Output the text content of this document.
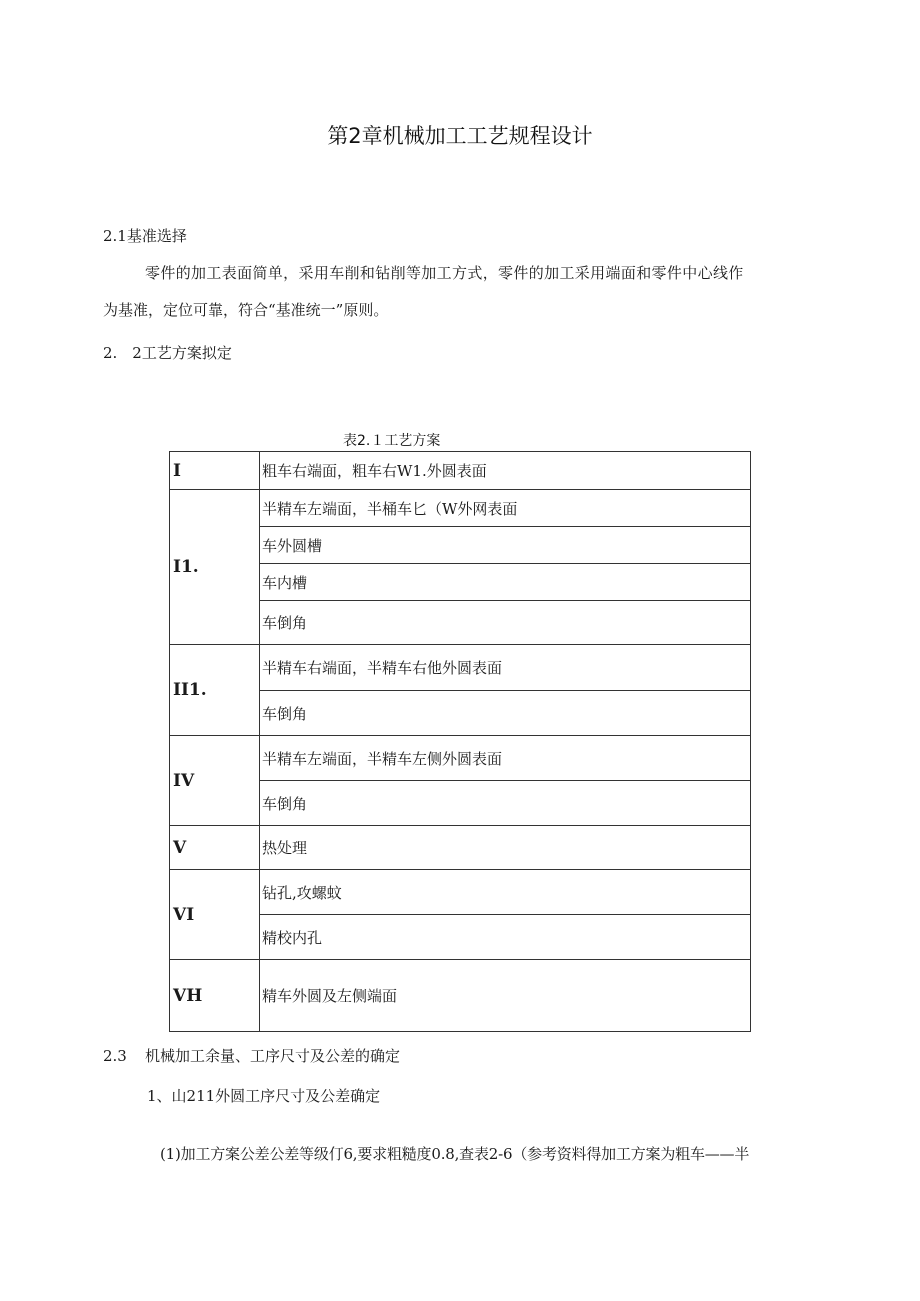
第2章机械加工工艺规程设计
2.1基准选择
零件的加工表面简单，采用车削和钻削等加工方式，零件的加工采用端面和零件中心线作
为基准，定位可靠，符合“基准统一”原则。
2.　2工艺方案拟定
表2.１工艺方案
I	粗车右端面，粗车右W1.外圆表面
I1.	半精车左端面，半桶车匕（W外网表面
	车外圆槽
	车内槽
	车倒角
II1.	半精车右端面，半精车右他外圆表面
	车倒角
IV	半精车左端面，半精车左侧外圆表面
	车倒角
V	热处理
VI	钻孔,攻螺蚊
	精校内孔
VH	精车外圆及左侧端面
2.3 机械加工余量、工序尺寸及公差的确定
1、山211外圆工序尺寸及公差确定
(1)加工方案公差公差等级仃6,要求粗糙度0.8,查表2-6（参考资料得加工方案为粗车——半
